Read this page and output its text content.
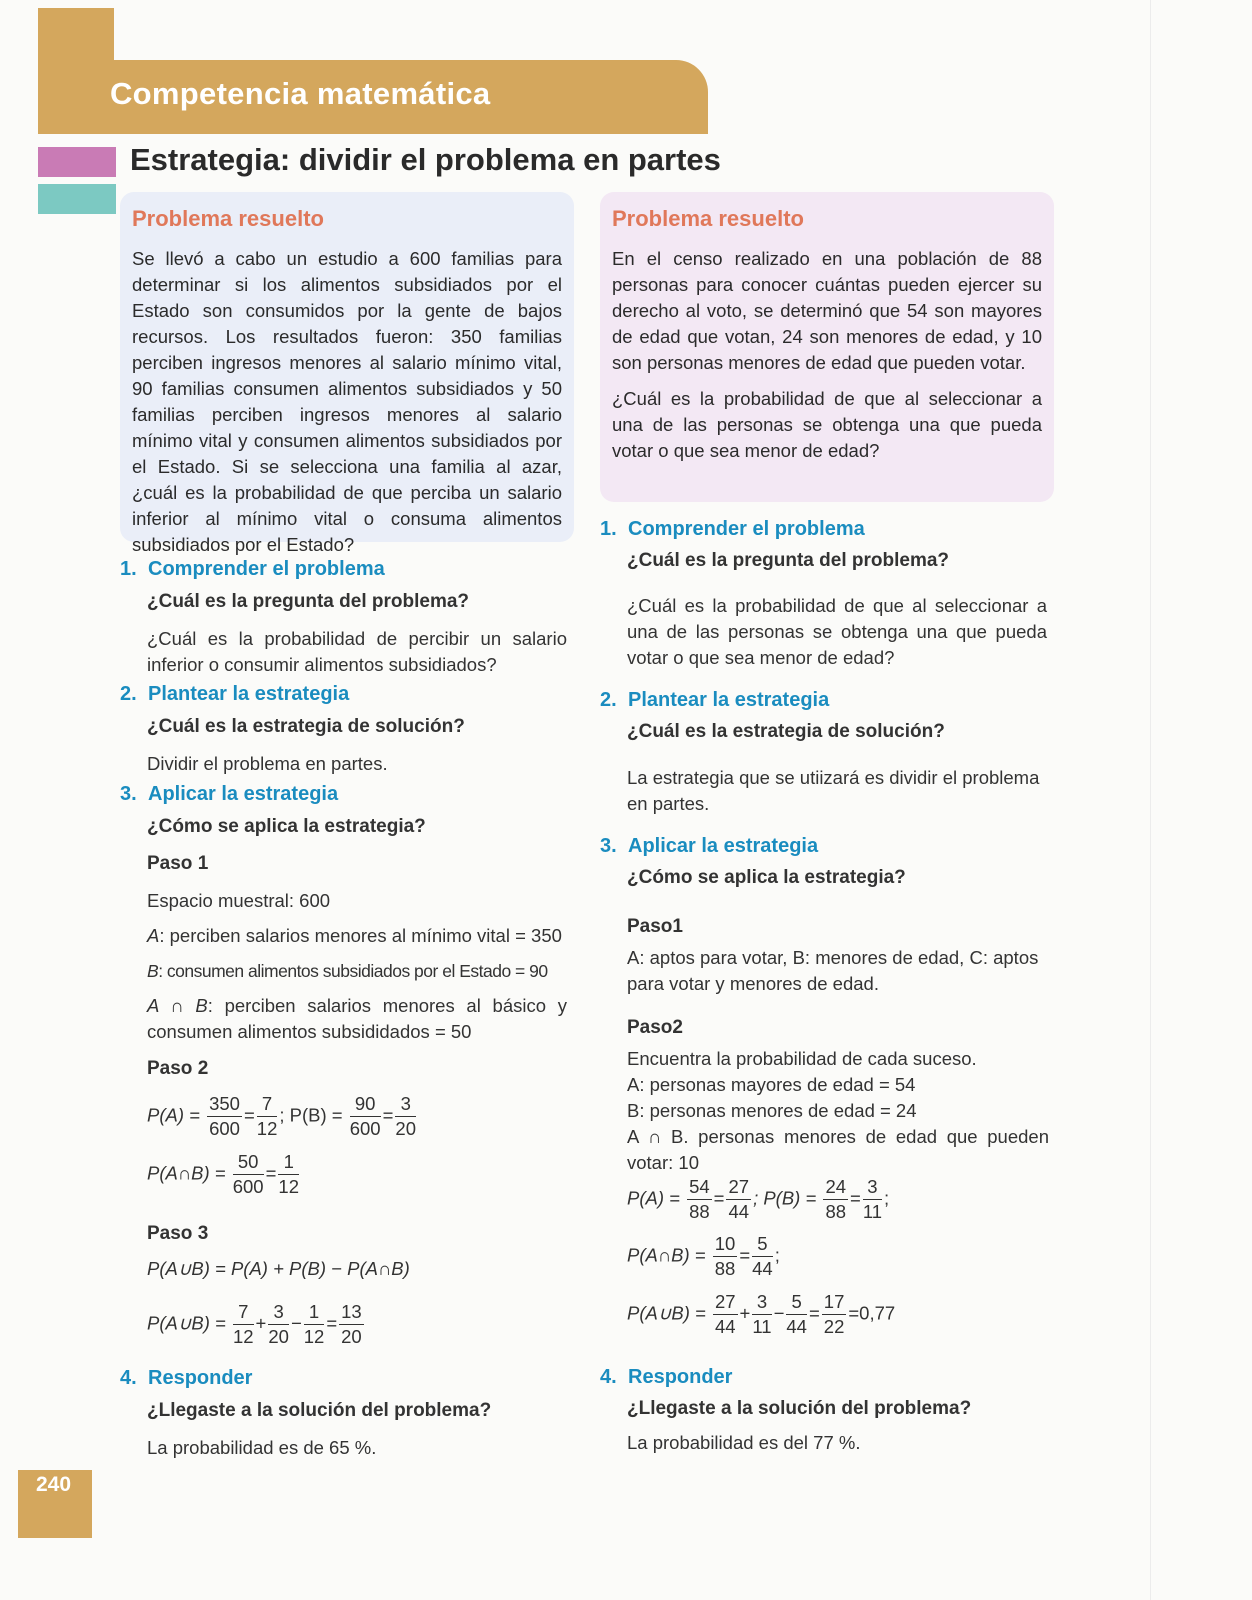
Competencia matemática
Estrategia: dividir el problema en partes
Problema resuelto

Se llevó a cabo un estudio a 600 familias para determinar si los alimentos subsidiados por el Estado son consumidos por la gente de bajos recursos. Los resultados fueron: 350 familias perciben ingresos menores al salario mínimo vital, 90 familias consumen alimentos subsidiados y 50 familias perciben ingresos menores al salario mínimo vital y consumen alimentos subsidiados por el Estado. Si se selecciona una familia al azar, ¿cuál es la probabilidad de que perciba un salario inferior al mínimo vital o consuma alimentos subsidiados por el Estado?

Problema resuelto

En el censo realizado en una población de 88 personas para conocer cuántas pueden ejercer su derecho al voto, se determinó que 54 son mayores de edad que votan, 24 son menores de edad, y 10 son personas menores de edad que pueden votar.

¿Cuál es la probabilidad de que al seleccionar a una de las personas se obtenga una que pueda votar o que sea menor de edad?

1. Comprender el problema
¿Cuál es la pregunta del problema?
¿Cuál es la probabilidad de percibir un salario inferior o consumir alimentos subsidiados?
2. Plantear la estrategia
¿Cuál es la estrategia de solución?
Dividir el problema en partes.
3. Aplicar la estrategia
¿Cómo se aplica la estrategia?
Paso 1
Espacio muestral: 600
A: perciben salarios menores al mínimo vital = 350
B: consumen alimentos subsidiados por el Estado = 90
A ∩ B: perciben salarios menores al básico y consumen alimentos subsididados = 50
Paso 2
$P(A) = \frac{350}{600} = \frac{7}{12}$ ; $P(B) = \frac{90}{600} = \frac{3}{20}$
P(A∩B) = $\frac{50}{600} = \frac{1}{12}$
Paso 3
P(A∪B) = P(A) + P(B) − P(A∩B)
P(A∪B) = $\frac{7}{12} + \frac{3}{20} - \frac{1}{12} = \frac{13}{20}$
4. Responder
¿Llegaste a la solución del problema?
La probabilidad es de 65 %.
1. Comprender el problema
¿Cuál es la pregunta del problema?
¿Cuál es la probabilidad de que al seleccionar a una de las personas se obtenga una que pueda votar o que sea menor de edad?
2. Plantear la estrategia
¿Cuál es la estrategia de solución?
La estrategia que se utiizará es dividir el problema en partes.
3. Aplicar la estrategia
¿Cómo se aplica la estrategia?
Paso1
A: aptos para votar, B: menores de edad, C: aptos para votar y menores de edad.
Paso2
Encuentra la probabilidad de cada suceso.
A: personas mayores de edad = 54
B: personas menores de edad = 24
A ∩ B. personas menores de edad que pueden votar: 10
$P(A) = \frac{54}{88} = \frac{27}{44}$ ; $P(B) = \frac{24}{88} = \frac{3}{11}$ ;
P(A∩B) = $\frac{10}{88} = \frac{5}{44}$ ;
P(A∪B) = $\frac{27}{44} + \frac{3}{11} - \frac{5}{44} = \frac{17}{22} =0,77$
4. Responder
¿Llegaste a la solución del problema?
La probabilidad es del 77 %.
240
